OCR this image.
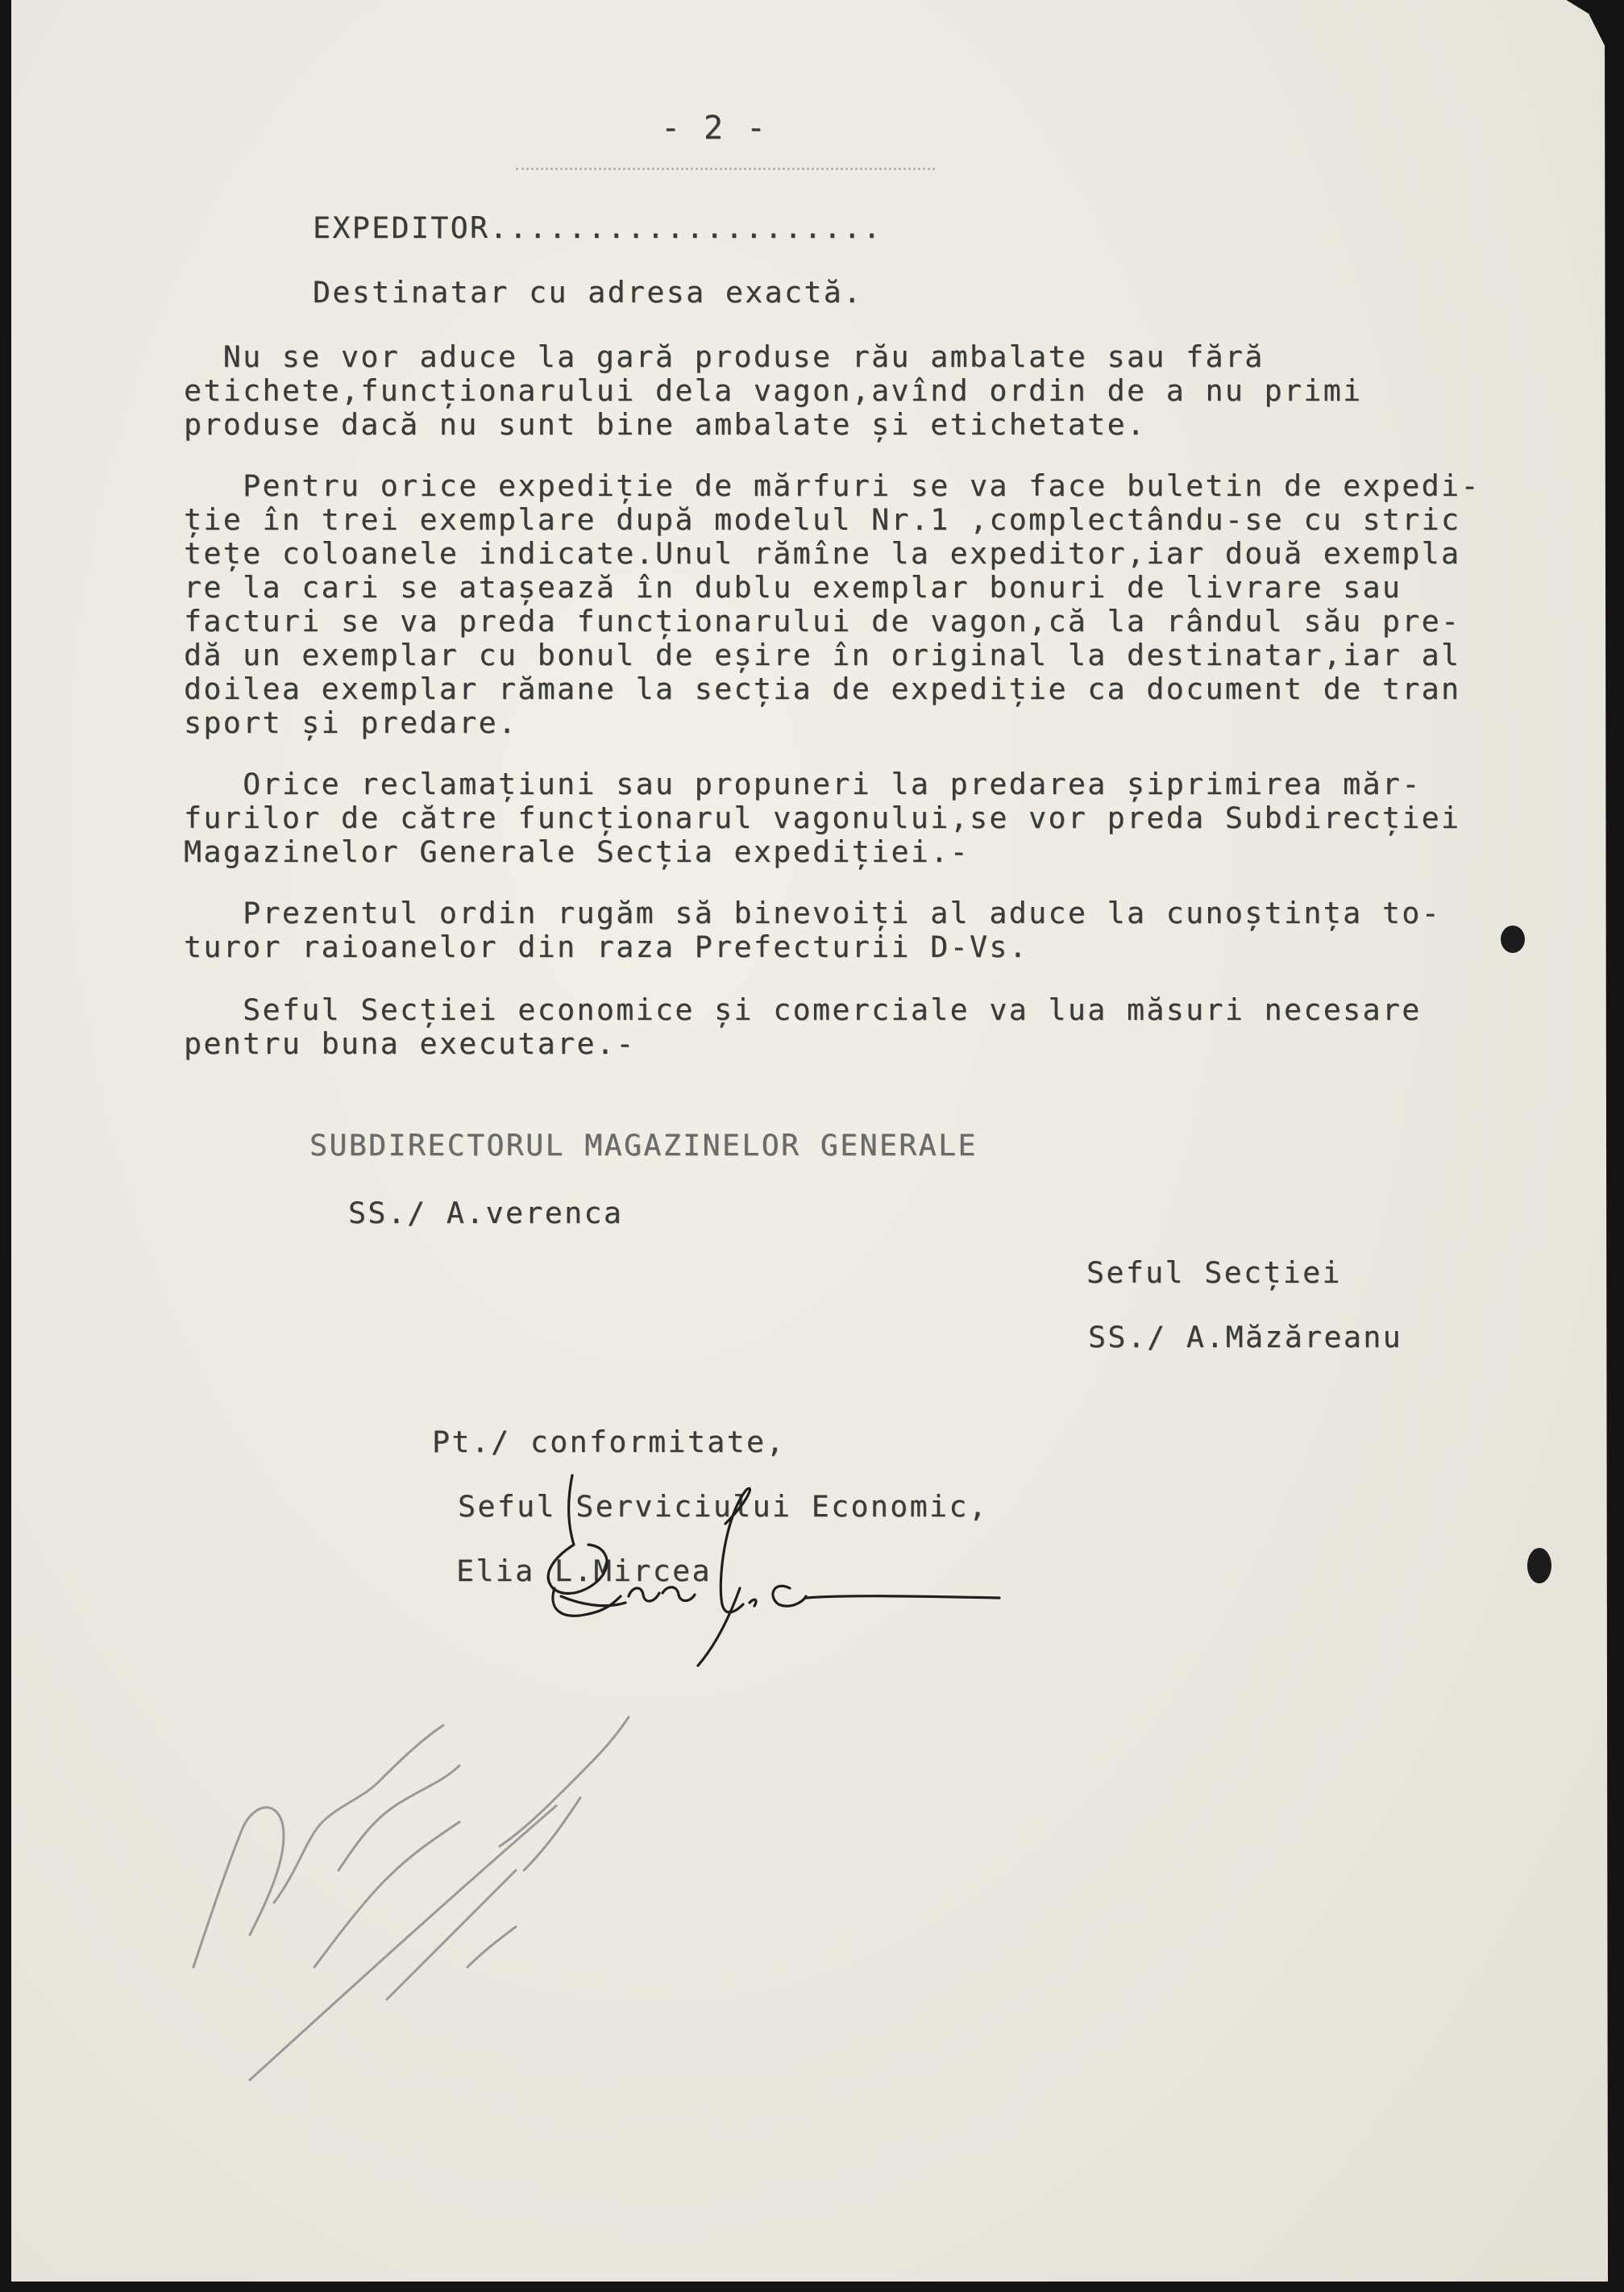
- 2 -
EXPEDITOR....................
Destinatar cu adresa exactă.
Nu se vor aduce la gară produse rău ambalate sau fără
etichete,funcționarului dela vagon,avînd ordin de a nu primi
produse dacă nu sunt bine ambalate și etichetate.
Pentru orice expediție de mărfuri se va face buletin de expedi-
ție în trei exemplare după modelul Nr.1 ,complectându-se cu stric
tețe coloanele indicate.Unul rămîne la expeditor,iar două exempla
re la cari se atașează în dublu exemplar bonuri de livrare sau
facturi se va preda funcționarului de vagon,că la rândul său pre-
dă un exemplar cu bonul de eșire în original la destinatar,iar al
doilea exemplar rămane la secția de expediție ca document de tran
sport și predare.
Orice reclamațiuni sau propuneri la predarea șiprimirea măr-
furilor de către funcționarul vagonului,se vor preda Subdirecției
Magazinelor Generale Secția expediției.-
Prezentul ordin rugăm să binevoiți al aduce la cunoștința to-
turor raioanelor din raza Prefecturii D-Vs.
Seful Secției economice și comerciale va lua măsuri necesare
pentru buna executare.-
SUBDIRECTORUL MAGAZINELOR GENERALE
SS./ A.verenca
Seful Secției
SS./ A.Măzăreanu
Pt./ conformitate,
Seful Serviciului Economic,
Elia L.Mircea
